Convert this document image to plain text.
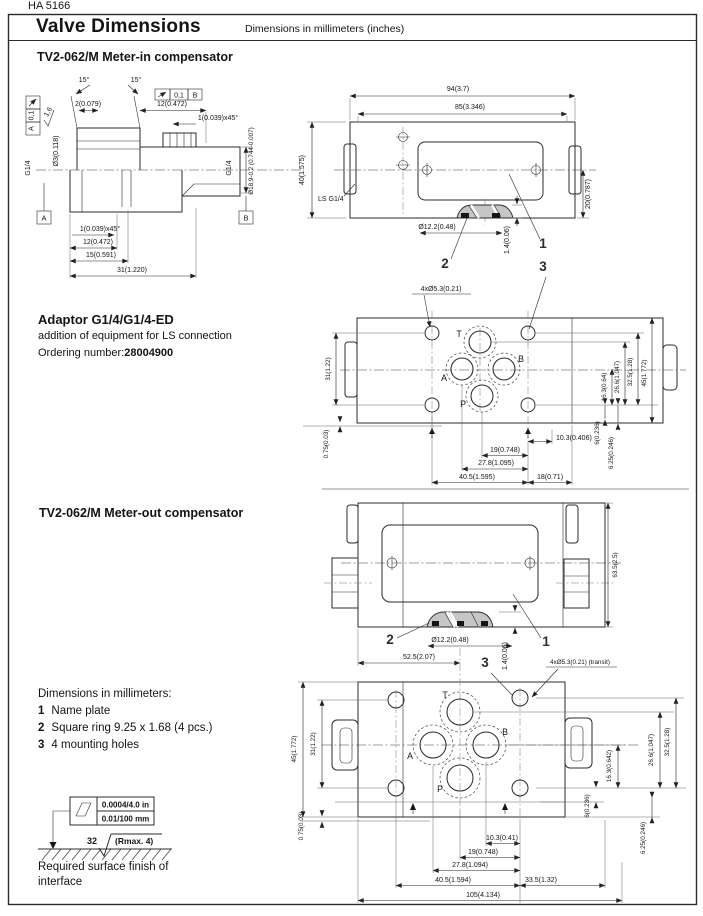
15°	15°
0,1 B
2(0.079)	12(0.472)
1(0.039)x45°
0,1
A
1,6
Ø3(0.118)
G1/4
A
G1/4 Ø18,9-0.2 (0.744-0.007)
B
1(0.039)x45°
12(0.472)
15(0.591)
31(1.220)
94(3.7)
85(3.346)
40(1.575)
20(0.787)
LS G1/4
Ø12.2(0.48)	1.4(0.06) 1
2	3
4xØ5.3(0.21)
T
A
B
P
16.3(0.64) 26.6(1.047) 32.5(1.28) 45(1.772)
6(0.236)
6.25(0.246)
31(1.22)
0.75(0.03)	10.3(0.406)
19(0.748)
27.8(1.095)
40.5(1.595)	18(0.71)
63.5(2.5)
Ø12.2(0.48)
1.4(0.06)
2	1
52.5(2.07)	3	4xØ5.3(0.21) (transit)
T
A
B
P
16.3(0.642)	26.6(1.047) 32.5(1.28)
6(0.236)
6.25(0.246)
45(1.772) 31(1.22)
0.75(0.03)	10.3(0.41)
19(0.748)
27.8(1.094)
40.5(1.594)	33.5(1.32)
105(4.134)
0.0004/4.0 in
0.01/100 mm
32 (Rmax. 4)
HA 5166
Valve Dimensions	Dimensions in millimeters (inches)
TV2-062/M Meter-in compensator
Adaptor G1/4/G1/4-ED
addition of equipment for LS connection
Ordering number:28004900
TV2-062/M Meter-out compensator
Dimensions in millimeters:
1 Name plate
2 Square ring 9.25 x 1.68 (4 pcs.)
3 4 mounting holes
Required surface finish of
interface
